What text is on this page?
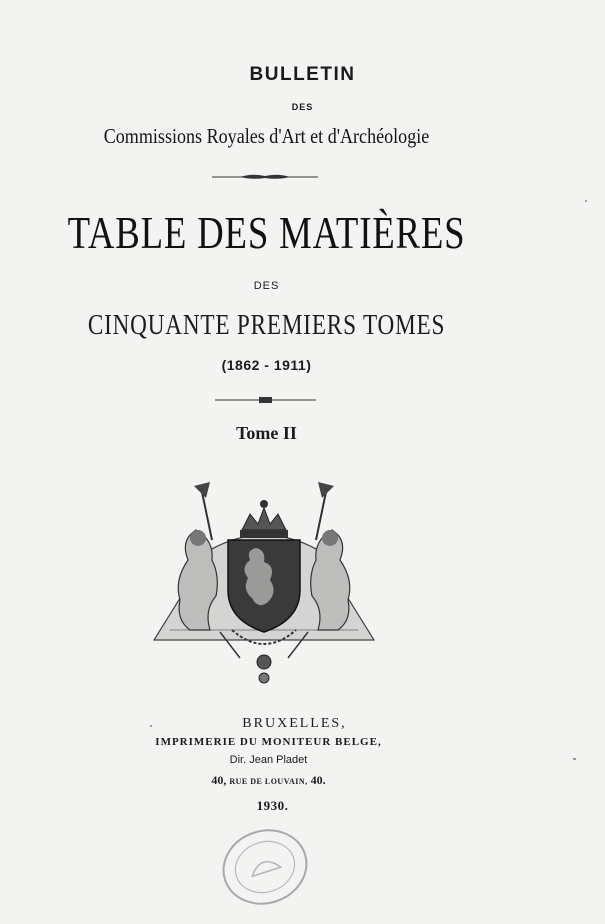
BULLETIN
DES
Commissions Royales d'Art et d'Archéologie
TABLE DES MATIÈRES
DES
CINQUANTE PREMIERS TOMES
(1862 - 1911)
Tome II
BRUXELLES,
IMPRIMERIE DU MONITEUR BELGE,
Dir. Jean Pladet
40, RUE DE LOUVAIN, 40.
1930.
